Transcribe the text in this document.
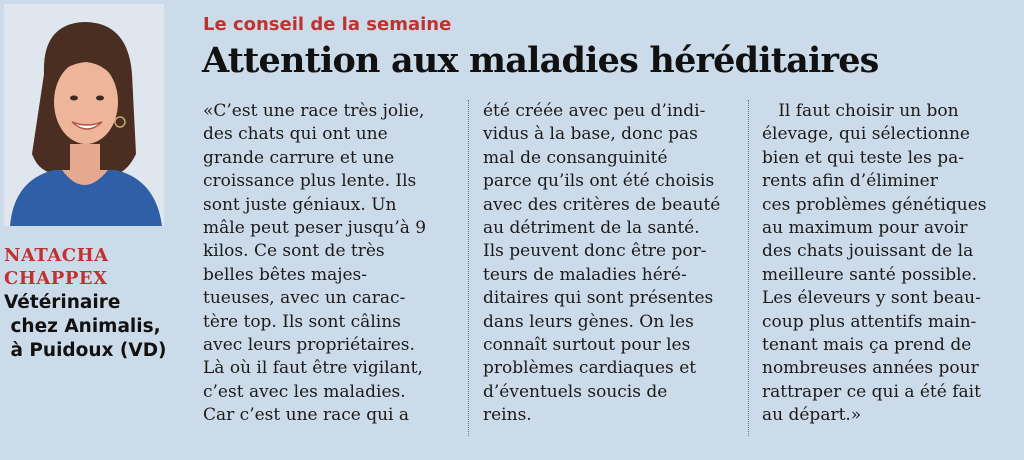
NATACHA
CHAPPEX
Vétérinaire
chez Animalis,
à Puidoux (VD)
Le conseil de la semaine
Attention aux maladies héréditaires
«C’est une race très jolie,
des chats qui ont une
grande carrure et une
croissance plus lente. Ils
sont juste géniaux. Un
mâle peut peser jusqu’à 9
kilos. Ce sont de très
belles bêtes majes-
tueuses, avec un carac-
tère top. Ils sont câlins
avec leurs propriétaires.
Là où il faut être vigilant,
c’est avec les maladies.
Car c’est une race qui a
été créée avec peu d’indi-
vidus à la base, donc pas
mal de consanguinité
parce qu’ils ont été choisis
avec des critères de beauté
au détriment de la santé.
Ils peuvent donc être por-
teurs de maladies héré-
ditaires qui sont présentes
dans leurs gènes. On les
connaît surtout pour les
problèmes cardiaques et
d’éventuels soucis de
reins.
Il faut choisir un bon
élevage, qui sélectionne
bien et qui teste les pa-
rents afin d’éliminer
ces problèmes génétiques
au maximum pour avoir
des chats jouissant de la
meilleure santé possible.
Les éleveurs y sont beau-
coup plus attentifs main-
tenant mais ça prend de
nombreuses années pour
rattraper ce qui a été fait
au départ.»
